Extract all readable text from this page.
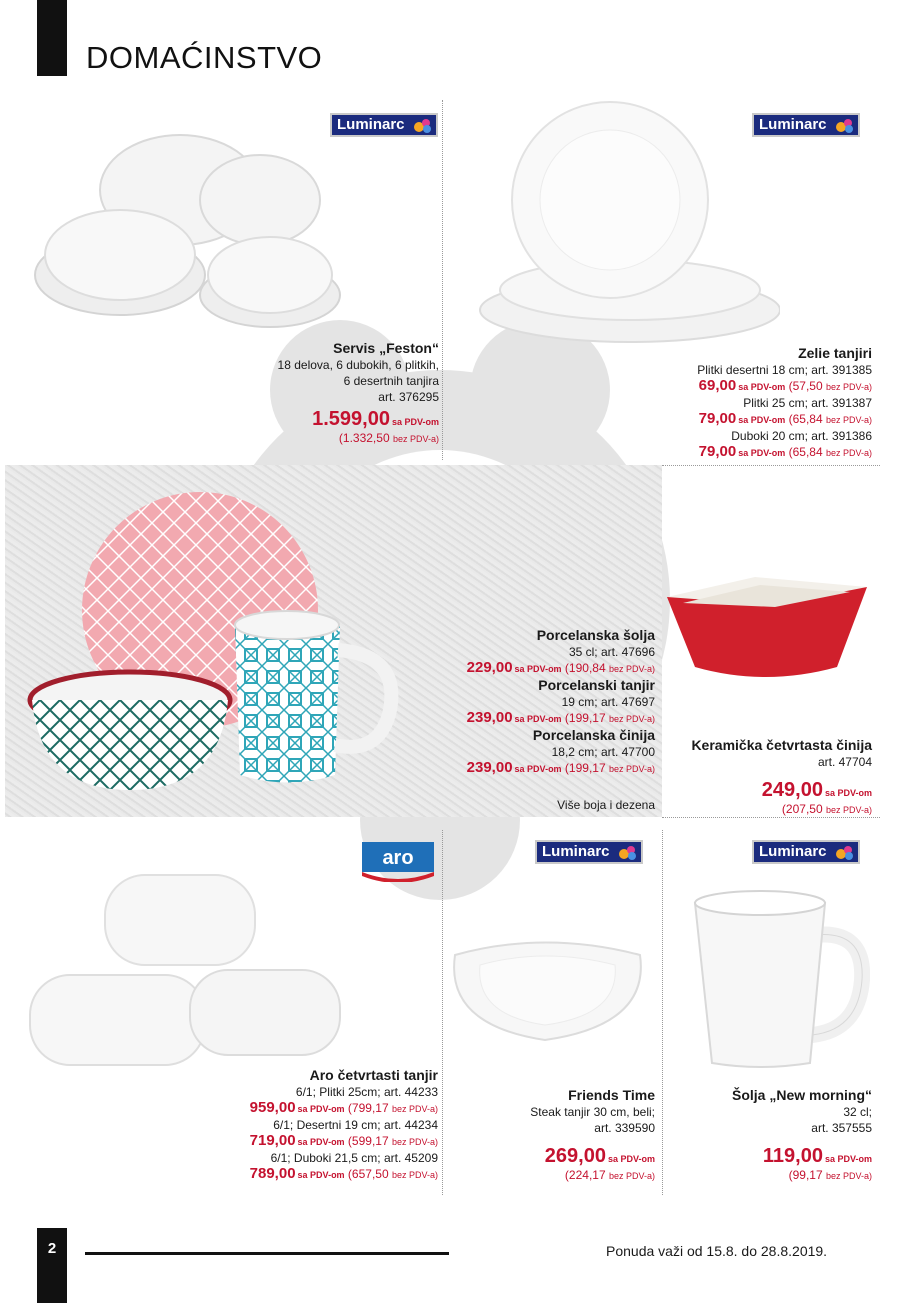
DOMAĆINSTVO
Luminarc
Servis „Feston“
18 delova, 6 dubokih, 6 plitkih,
6 desertnih tanjira
art. 376295
1.599,00 sa PDV-om
(1.332,50 bez PDV-a)
Luminarc
Zelie tanjiri
Plitki desertni 18 cm; art. 391385
69,00 sa PDV-om (57,50 bez PDV-a)
Plitki 25 cm; art. 391387
79,00 sa PDV-om (65,84 bez PDV-a)
Duboki 20 cm; art. 391386
79,00 sa PDV-om (65,84 bez PDV-a)
Porcelanska šolja
35 cl; art. 47696
229,00 sa PDV-om (190,84 bez PDV-a)
Porcelanski tanjir
19 cm; art. 47697
239,00 sa PDV-om (199,17 bez PDV-a)
Porcelanska činija
18,2 cm; art. 47700
239,00 sa PDV-om (199,17 bez PDV-a)
Više boja i dezena
Keramička četvrtasta činija
art. 47704
249,00 sa PDV-om
(207,50 bez PDV-a)
aro
Aro četvrtasti tanjir
6/1; Plitki 25cm; art. 44233
959,00 sa PDV-om (799,17 bez PDV-a)
6/1; Desertni 19 cm; art. 44234
719,00 sa PDV-om (599,17 bez PDV-a)
6/1; Duboki 21,5 cm; art. 45209
789,00 sa PDV-om (657,50 bez PDV-a)
Luminarc
Friends Time
Steak tanjir 30 cm, beli;
art. 339590
269,00 sa PDV-om
(224,17 bez PDV-a)
Luminarc
Šolja „New morning“
32 cl;
art. 357555
119,00 sa PDV-om
(99,17 bez PDV-a)
2	Ponuda važi od 15.8. do 28.8.2019.
